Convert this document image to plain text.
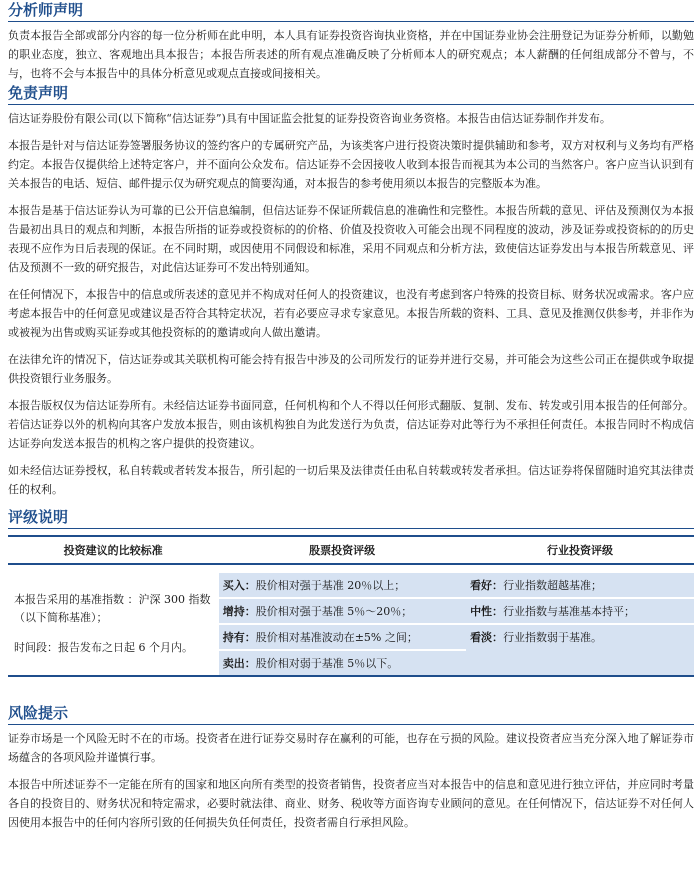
分析师声明

负责本报告全部或部分内容的每一位分析师在此申明，本人具有证券投资咨询执业资格，并在中国证券业协会注册登记为证券分析师，以勤勉的职业态度，独立、客观地出具本报告；本报告所表述的所有观点准确反映了分析师本人的研究观点；本人薪酬的任何组成部分不曾与，不与，也将不会与本报告中的具体分析意见或观点直接或间接相关。

免责声明

信达证券股份有限公司(以下简称“信达证券”)具有中国证监会批复的证券投资咨询业务资格。本报告由信达证券制作并发布。

本报告是针对与信达证券签署服务协议的签约客户的专属研究产品，为该类客户进行投资决策时提供辅助和参考，双方对权利与义务均有严格约定。本报告仅提供给上述特定客户，并不面向公众发布。信达证券不会因接收人收到本报告而视其为本公司的当然客户。客户应当认识到有关本报告的电话、短信、邮件提示仅为研究观点的简要沟通，对本报告的参考使用须以本报告的完整版本为准。

本报告是基于信达证券认为可靠的已公开信息编制，但信达证券不保证所载信息的准确性和完整性。本报告所载的意见、评估及预测仅为本报告最初出具日的观点和判断，本报告所指的证券或投资标的的价格、价值及投资收入可能会出现不同程度的波动，涉及证券或投资标的的历史表现不应作为日后表现的保证。在不同时期，或因使用不同假设和标准，采用不同观点和分析方法，致使信达证券发出与本报告所载意见、评估及预测不一致的研究报告，对此信达证券可不发出特别通知。

在任何情况下，本报告中的信息或所表述的意见并不构成对任何人的投资建议，也没有考虑到客户特殊的投资目标、财务状况或需求。客户应考虑本报告中的任何意见或建议是否符合其特定状况，若有必要应寻求专家意见。本报告所载的资料、工具、意见及推测仅供参考，并非作为或被视为出售或购买证券或其他投资标的的邀请或向人做出邀请。

在法律允许的情况下，信达证券或其关联机构可能会持有报告中涉及的公司所发行的证券并进行交易，并可能会为这些公司正在提供或争取提供投资银行业务服务。

本报告版权仅为信达证券所有。未经信达证券书面同意，任何机构和个人不得以任何形式翻版、复制、发布、转发或引用本报告的任何部分。若信达证券以外的机构向其客户发放本报告，则由该机构独自为此发送行为负责，信达证券对此等行为不承担任何责任。本报告同时不构成信达证券向发送本报告的机构之客户提供的投资建议。

如未经信达证券授权，私自转载或者转发本报告，所引起的一切后果及法律责任由私自转载或转发者承担。信达证券将保留随时追究其法律责任的权利。

评级说明
投资建议的比较标准	股票投资评级	行业投资评级

本报告采用的基准指数 ：沪深 300 指数（以下简称基准）；
时间段：报告发布之日起 6 个月内。	买入：股价相对强于基准 20％以上；	看好：行业指数超越基准；
	增持：股价相对强于基准 5％～20％；	中性：行业指数与基准基本持平；
	持有：股价相对基准波动在±5% 之间；	看淡：行业指数弱于基准。
	卖出：股价相对弱于基准 5％以下。	
风险提示

证券市场是一个风险无时不在的市场。投资者在进行证券交易时存在赢利的可能，也存在亏损的风险。建议投资者应当充分深入地了解证券市场蕴含的各项风险并谨慎行事。

本报告中所述证券不一定能在所有的国家和地区向所有类型的投资者销售，投资者应当对本报告中的信息和意见进行独立评估，并应同时考量各自的投资目的、财务状况和特定需求，必要时就法律、商业、财务、税收等方面咨询专业顾问的意见。在任何情况下，信达证券不对任何人因使用本报告中的任何内容所引致的任何损失负任何责任，投资者需自行承担风险。
